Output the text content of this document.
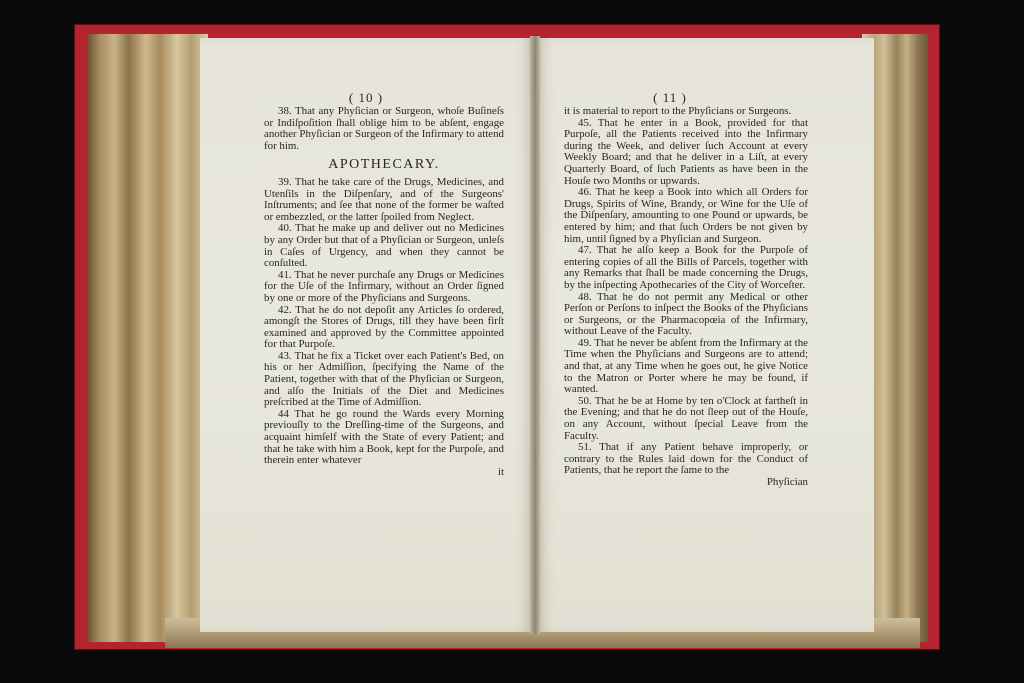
( 10 )

38. That any Phyſician or Surgeon, whoſe Buſineſs or Indiſpoſition ſhall oblige him to be abſent, engage another Phyſician or Surgeon of the Infirmary to attend for him.

APOTHECARY.

39. That he take care of the Drugs, Medicines, and Utenſils in the Diſpenſary, and of the Surgeons' Inſtruments; and ſee that none of the former be waſted or embezzled, or the latter ſpoiled from Neglect.

40. That he make up and deliver out no Medicines by any Order but that of a Phyſician or Surgeon, unleſs in Caſes of Urgency, and when they cannot be conſulted.

41. That he never purchaſe any Drugs or Medicines for the Uſe of the Infirmary, without an Order ſigned by one or more of the Phyſicians and Surgeons.

42. That he do not depoſit any Articles ſo ordered, amongſt the Stores of Drugs, till they have been firſt examined and approved by the Committee appointed for that Purpoſe.

43. That he fix a Ticket over each Patient's Bed, on his or her Admiſſion, ſpecifying the Name of the Patient, together with that of the Phyſician or Surgeon, and alſo the Initials of the Diet and Medicines preſcribed at the Time of Admiſſion.

44 That he go round the Wards every Morning previouſly to the Dreſſing-time of the Surgeons, and acquaint himſelf with the State of every Patient; and that he take with him a Book, kept for the Purpoſe, and therein enter whatever

it

( 11 )

it is material to report to the Phyſicians or Surgeons.

45. That he enter in a Book, provided for that Purpoſe, all the Patients received into the Infirmary during the Week, and deliver ſuch Account at every Weekly Board; and that he deliver in a Liſt, at every Quarterly Board, of ſuch Patients as have been in the Houſe two Months or upwards.

46. That he keep a Book into which all Orders for Drugs, Spirits of Wine, Brandy, or Wine for the Uſe of the Diſpenſary, amounting to one Pound or upwards, be entered by him; and that ſuch Orders be not given by him, until ſigned by a Phyſician and Surgeon.

47. That he alſo keep a Book for the Purpoſe of entering copies of all the Bills of Parcels, together with any Remarks that ſhall be made concerning the Drugs, by the inſpecting Apothecaries of the City of Worceſter.

48. That he do not permit any Medical or other Perſon or Perſons to inſpect the Books of the Phyſicians or Surgeons, or the Pharmacopœia of the Infirmary, without Leave of the Faculty.

49. That he never be abſent from the Infirmary at the Time when the Phyſicians and Surgeons are to attend; and that, at any Time when he goes out, he give Notice to the Matron or Porter where he may be found, if wanted.

50. That he be at Home by ten o'Clock at fartheſt in the Evening; and that he do not ſleep out of the Houſe, on any Account, without ſpecial Leave from the Faculty.

51. That if any Patient behave improperly, or contrary to the Rules laid down for the Conduct of Patients, that he report the ſame to the

Phyſician
